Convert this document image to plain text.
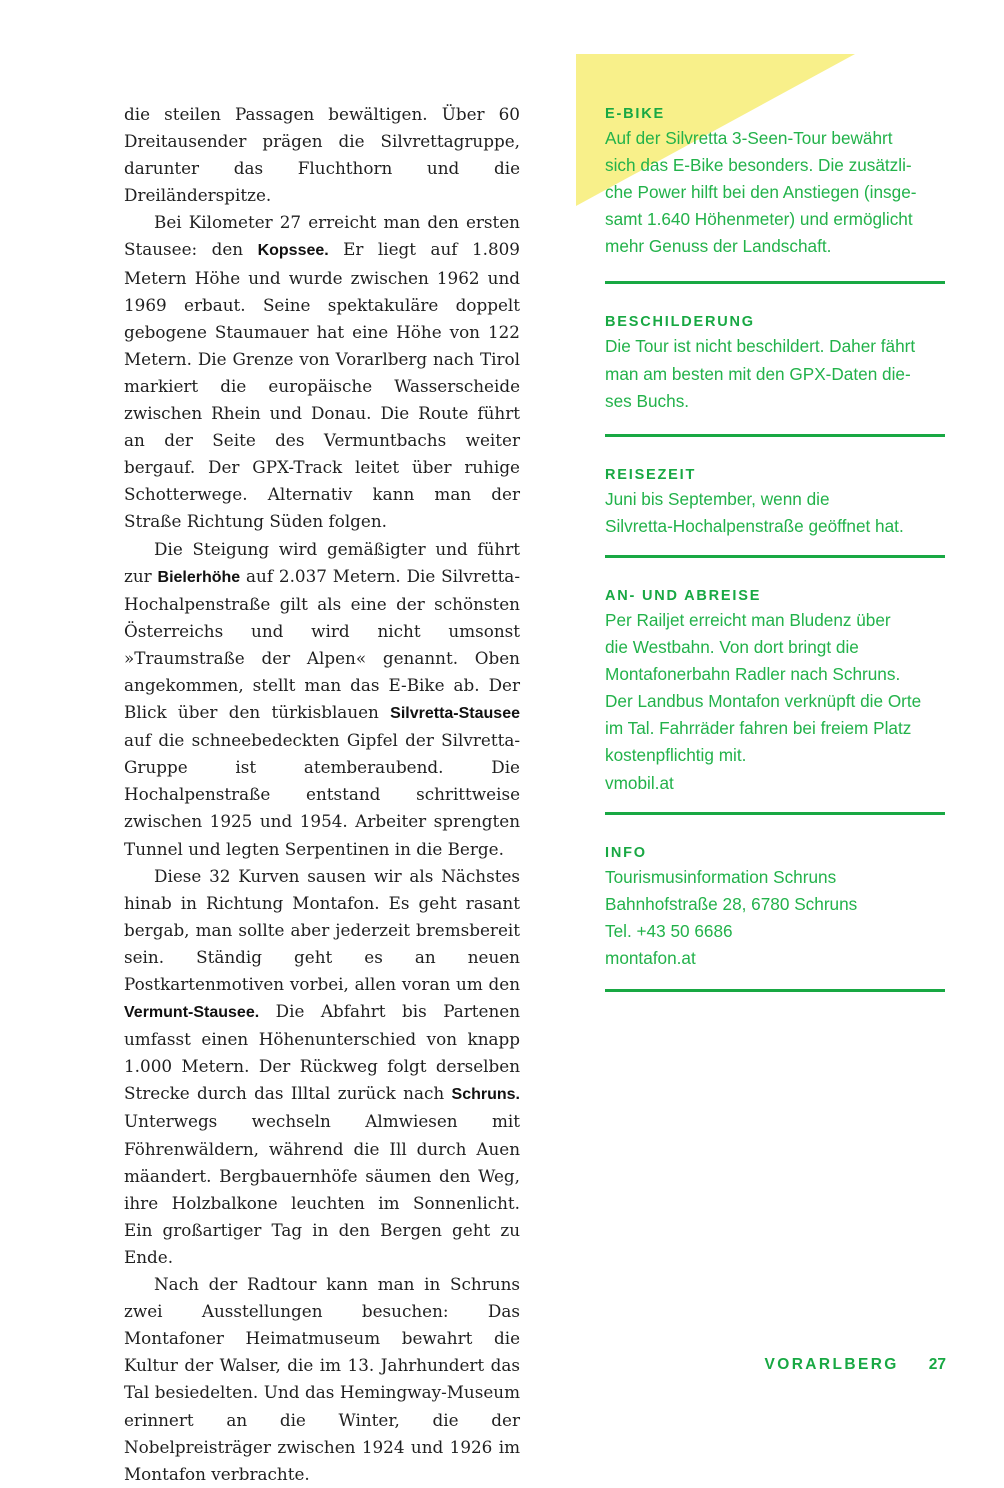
die steilen Passagen bewältigen. Über 60 Dreitausender prägen die Silvrettagruppe, darunter das Fluchthorn und die Dreiländerspitze.

Bei Kilometer 27 erreicht man den ersten Stausee: den Kopssee. Er liegt auf 1.809 Metern Höhe und wurde zwischen 1962 und 1969 erbaut. Seine spektakuläre doppelt gebogene Staumauer hat eine Höhe von 122 Metern. Die Grenze von Vorarlberg nach Tirol markiert die europäische Wasserscheide zwischen Rhein und Donau. Die Route führt an der Seite des Vermuntbachs weiter bergauf. Der GPX-Track leitet über ruhige Schotterwege. Alternativ kann man der Straße Richtung Süden folgen.

Die Steigung wird gemäßigter und führt zur Bielerhöhe auf 2.037 Metern. Die Silvretta-Hochalpenstraße gilt als eine der schönsten Österreichs und wird nicht umsonst »Traumstraße der Alpen« genannt. Oben angekommen, stellt man das E-Bike ab. Der Blick über den türkisblauen Silvretta-Stausee auf die schneebedeckten Gipfel der Silvretta-Gruppe ist atemberaubend. Die Hochalpenstraße entstand schrittweise zwischen 1925 und 1954. Arbeiter sprengten Tunnel und legten Serpentinen in die Berge.

Diese 32 Kurven sausen wir als Nächstes hinab in Richtung Montafon. Es geht rasant bergab, man sollte aber jederzeit bremsbereit sein. Ständig geht es an neuen Postkartenmotiven vorbei, allen voran um den Vermunt-Stausee. Die Abfahrt bis Partenen umfasst einen Höhenunterschied von knapp 1.000 Metern. Der Rückweg folgt derselben Strecke durch das Illtal zurück nach Schruns. Unterwegs wechseln Almwiesen mit Föhrenwäldern, während die Ill durch Auen mäandert. Bergbauernhöfe säumen den Weg, ihre Holzbalkone leuchten im Sonnenlicht. Ein großartiger Tag in den Bergen geht zu Ende.

Nach der Radtour kann man in Schruns zwei Ausstellungen besuchen: Das Montafoner Heimatmuseum bewahrt die Kultur der Walser, die im 13. Jahrhundert das Tal besiedelten. Und das Hemingway-Museum erinnert an die Winter, die der Nobelpreisträger zwischen 1924 und 1926 im Montafon verbrachte.

E-BIKE

Auf der Silvretta 3-Seen-Tour bewährt

sich das E-Bike besonders. Die zusätzli-

che Power hilft bei den Anstiegen (insge-

samt 1.640 Höhenmeter) und ermöglicht

mehr Genuss der Landschaft.

BESCHILDERUNG

Die Tour ist nicht beschildert. Daher fährt

man am besten mit den GPX-Daten die-

ses Buchs.

REISEZEIT

Juni bis September, wenn die

Silvretta-Hochalpenstraße geöffnet hat.

AN- UND ABREISE

Per Railjet erreicht man Bludenz über

die Westbahn. Von dort bringt die

Montafonerbahn Radler nach Schruns.

Der Landbus Montafon verknüpft die Orte

im Tal. Fahrräder fahren bei freiem Platz

kostenpflichtig mit.

vmobil.at

INFO

Tourismusinformation Schruns

Bahnhofstraße 28, 6780 Schruns

Tel. +43 50 6686

montafon.at

VORARLBERG 27
